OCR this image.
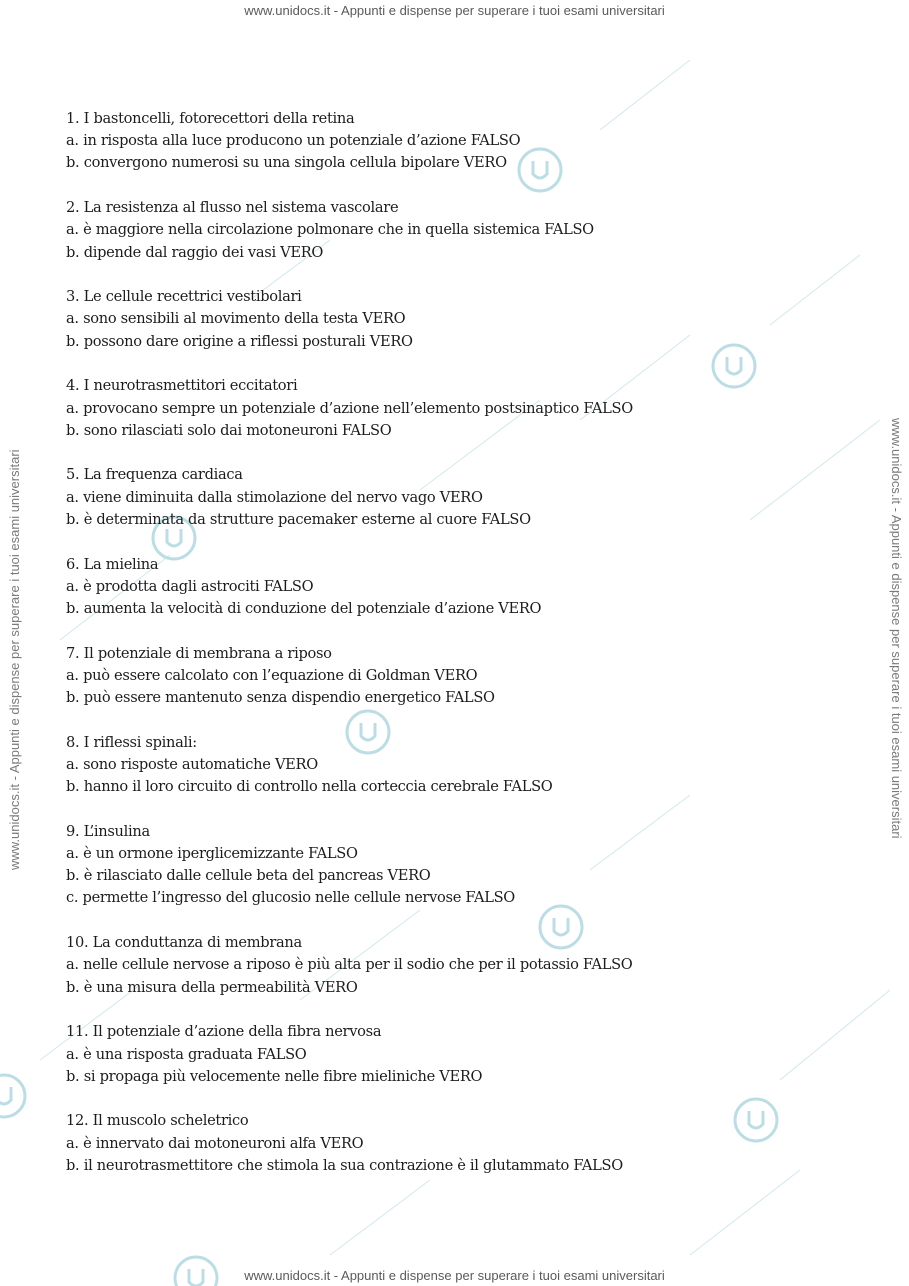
www.unidocs.it - Appunti e dispense per superare i tuoi esami universitari
www.unidocs.it - Appunti e dispense per superare i tuoi esami universitari	www.unidocs.it - Appunti e dispense per superare i tuoi esami universitari
1. I bastoncelli, fotorecettori della retina
a. in risposta alla luce producono un potenziale d’azione FALSO
b. convergono numerosi su una singola cellula bipolare VERO
2. La resistenza al flusso nel sistema vascolare
a. è maggiore nella circolazione polmonare che in quella sistemica FALSO
b. dipende dal raggio dei vasi VERO
3. Le cellule recettrici vestibolari
a. sono sensibili al movimento della testa VERO
b. possono dare origine a riflessi posturali VERO
4. I neurotrasmettitori eccitatori
a. provocano sempre un potenziale d’azione nell’elemento postsinaptico FALSO
b. sono rilasciati solo dai motoneuroni FALSO
5. La frequenza cardiaca
a. viene diminuita dalla stimolazione del nervo vago VERO
b. è determinata da strutture pacemaker esterne al cuore FALSO
6. La mielina
a. è prodotta dagli astrociti FALSO
b. aumenta la velocità di conduzione del potenziale d’azione VERO
7. Il potenziale di membrana a riposo
a. può essere calcolato con l’equazione di Goldman VERO
b. può essere mantenuto senza dispendio energetico FALSO
8. I riflessi spinali:
a. sono risposte automatiche VERO
b. hanno il loro circuito di controllo nella corteccia cerebrale FALSO
9. L’insulina
a. è un ormone iperglicemizzante FALSO
b. è rilasciato dalle cellule beta del pancreas VERO
c. permette l’ingresso del glucosio nelle cellule nervose FALSO
10. La conduttanza di membrana
a. nelle cellule nervose a riposo è più alta per il sodio che per il potassio FALSO
b. è una misura della permeabilità VERO
11. Il potenziale d’azione della fibra nervosa
a. è una risposta graduata FALSO
b. si propaga più velocemente nelle fibre mieliniche VERO
12. Il muscolo scheletrico
a. è innervato dai motoneuroni alfa VERO
b. il neurotrasmettitore che stimola la sua contrazione è il glutammato FALSO
www.unidocs.it - Appunti e dispense per superare i tuoi esami universitari
